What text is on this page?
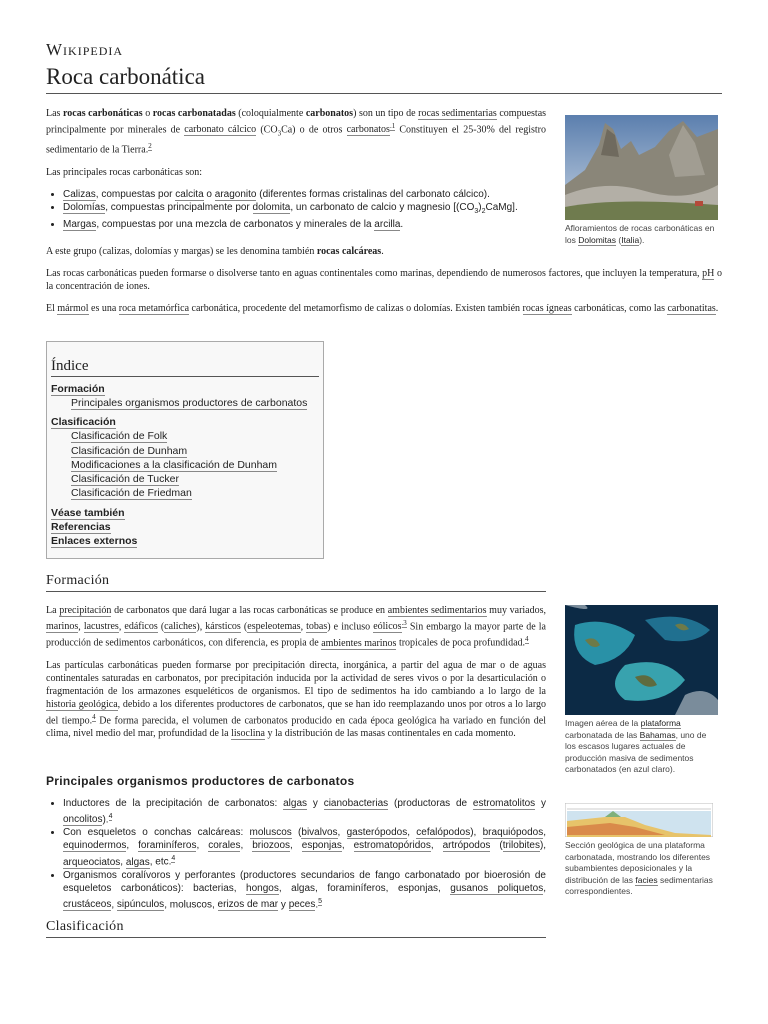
Wikipedia
Roca carbonática

Las rocas carbonáticas o rocas carbonatadas (coloquialmente carbonatos) son un tipo de rocas sedimentarias compuestas principalmente por minerales de carbonato cálcico $(CO_3Ca)$ o de otros carbonatos$^{.1}$ Constituyen el 25-30% del registro sedimentario de la Tierra.$^2$

Las principales rocas carbonáticas son:

• Calizas, compuestas por calcita o aragonito (diferentes formas cristalinas del carbonato cálcico).
• Dolomías, compuestas principalmente por dolomita, un carbonato de calcio y magnesio $[(CO_3)_2CaMg]$.
• Margas, compuestas por una mezcla de carbonatos y minerales de la arcilla.

A este grupo (calizas, dolomías y margas) se les denomina también rocas calcáreas.

Las rocas carbonáticas pueden formarse o disolverse tanto en aguas continentales como marinas, dependiendo de numerosos factores, que incluyen la temperatura, pH o la concentración de iones.

El mármol es una roca metamórfica carbonática, procedente del metamorfismo de calizas o dolomías. Existen también rocas ígneas carbonáticas, como las carbonatitas.

Afloramientos de rocas carbonáticas en los Dolomitas (Italia).
Índice
Formación
Principales organismos productores de carbonatos
Clasificación
Clasificación de Folk
Clasificación de Dunham
Modificaciones a la clasificación de Dunham
Clasificación de Tucker
Clasificación de Friedman
Véase también
Referencias
Enlaces externos
Formación

La precipitación de carbonatos que dará lugar a las rocas carbonáticas se produce en ambientes sedimentarios muy variados, marinos, lacustres, edáficos (caliches), kársticos (espeleotemas, tobas) e incluso eólicos$^{.3}$ Sin embargo la mayor parte de la producción de sedimentos carbonáticos, con diferencia, es propia de ambientes marinos tropicales de poca profundidad.$^4$

Las partículas carbonáticas pueden formarse por precipitación directa, inorgánica, a partir del agua de mar o de aguas continentales saturadas en carbonatos, por precipitación inducida por la actividad de seres vivos o por la desarticulación o fragmentación de los armazones esqueléticos de organismos. El tipo de sedimentos ha ido cambiando a lo largo de la historia geológica, debido a los diferentes productores de carbonatos, que se han ido reemplazando unos por otros a lo largo del tiempo.$^4$ De forma parecida, el volumen de carbonatos producido en cada época geológica ha variado en función del clima, nivel medio del mar, profundidad de la lisoclina y la distribución de las masas continentales en cada momento.

Imagen aérea de la plataforma carbonatada de las Bahamas, uno de los escasos lugares actuales de producción masiva de sedimentos carbonatados (en azul claro).
Principales organismos productores de carbonatos
• Inductores de la precipitación de carbonatos: algas y cianobacterias (productoras de estromatolitos y oncolitos).$^4$
• Con esqueletos o conchas calcáreas: moluscos (bivalvos, gasterópodos, cefalópodos), braquiópodos, equinodermos, foraminíferos, corales, briozoos, esponjas, estromatopóridos, artrópodos (trilobites), arqueociatos, algas, etc.$^4$
• Organismos coralívoros y perforantes (productores secundarios de fango carbonatado por bioerosión de esqueletos carbonáticos): bacterias, hongos, algas, foraminíferos, esponjas, gusanos poliquetos, crustáceos, sipúnculos, moluscos, erizos de mar y peces.$^5$
Sección geológica de una plataforma carbonatada, mostrando los diferentes subambientes deposicionales y la distribución de las facies sedimentarias correspondientes.
Clasificación
